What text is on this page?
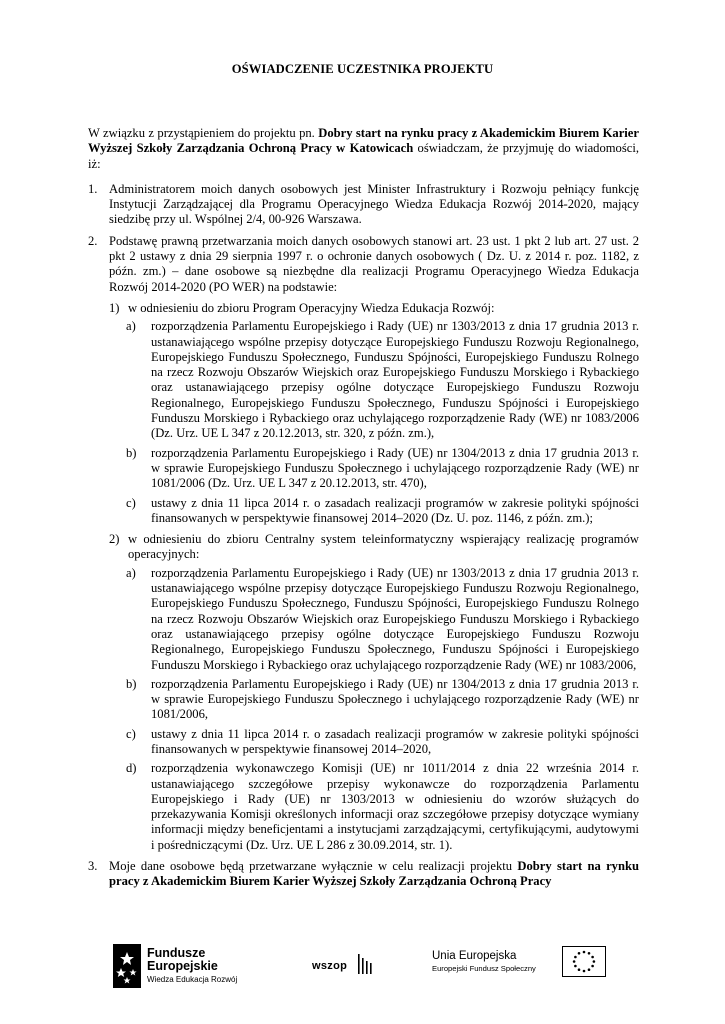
OŚWIADCZENIE UCZESTNIKA PROJEKTU

W związku z przystąpieniem do projektu pn. Dobry start na rynku pracy z Akademickim Biurem Karier Wyższej Szkoły Zarządzania Ochroną Pracy w Katowicach oświadczam, że przyjmuję do wiadomości, iż:

1. Administratorem moich danych osobowych jest Minister Infrastruktury i Rozwoju pełniący funkcję Instytucji Zarządzającej dla Programu Operacyjnego Wiedza Edukacja Rozwój 2014-2020, mający siedzibę przy ul. Wspólnej 2/4, 00-926 Warszawa.
2. Podstawę prawną przetwarzania moich danych osobowych stanowi art. 23 ust. 1 pkt 2 lub art. 27 ust. 2 pkt 2 ustawy z dnia 29 sierpnia 1997 r. o ochronie danych osobowych ( Dz. U. z 2014 r. poz. 1182, z późn. zm.) – dane osobowe są niezbędne dla realizacji Programu Operacyjnego Wiedza Edukacja Rozwój 2014-2020 (PO WER) na podstawie:
1) w odniesieniu do zbioru Program Operacyjny Wiedza Edukacja Rozwój:
a) rozporządzenia Parlamentu Europejskiego i Rady (UE) nr 1303/2013 z dnia 17 grudnia 2013 r. ustanawiającego wspólne przepisy dotyczące Europejskiego Funduszu Rozwoju Regionalnego, Europejskiego Funduszu Społecznego, Funduszu Spójności, Europejskiego Funduszu Rolnego na rzecz Rozwoju Obszarów Wiejskich oraz Europejskiego Funduszu Morskiego i Rybackiego oraz ustanawiającego przepisy ogólne dotyczące Europejskiego Funduszu Rozwoju Regionalnego, Europejskiego Funduszu Społecznego, Funduszu Spójności i Europejskiego Funduszu Morskiego i Rybackiego oraz uchylającego rozporządzenie Rady (WE) nr 1083/2006 (Dz. Urz. UE L 347 z 20.12.2013, str. 320, z późn. zm.),
b) rozporządzenia Parlamentu Europejskiego i Rady (UE) nr 1304/2013 z dnia 17 grudnia 2013 r. w sprawie Europejskiego Funduszu Społecznego i uchylającego rozporządzenie Rady (WE) nr 1081/2006 (Dz. Urz. UE L 347 z 20.12.2013, str. 470),
c) ustawy z dnia 11 lipca 2014 r. o zasadach realizacji programów w zakresie polityki spójności finansowanych w perspektywie finansowej 2014–2020 (Dz. U. poz. 1146, z późn. zm.);
2) w odniesieniu do zbioru Centralny system teleinformatyczny wspierający realizację programów operacyjnych:
a) rozporządzenia Parlamentu Europejskiego i Rady (UE) nr 1303/2013 z dnia 17 grudnia 2013 r. ustanawiającego wspólne przepisy dotyczące Europejskiego Funduszu Rozwoju Regionalnego, Europejskiego Funduszu Społecznego, Funduszu Spójności, Europejskiego Funduszu Rolnego na rzecz Rozwoju Obszarów Wiejskich oraz Europejskiego Funduszu Morskiego i Rybackiego oraz ustanawiającego przepisy ogólne dotyczące Europejskiego Funduszu Rozwoju Regionalnego, Europejskiego Funduszu Społecznego, Funduszu Spójności i Europejskiego Funduszu Morskiego i Rybackiego oraz uchylającego rozporządzenie Rady (WE) nr 1083/2006,
b) rozporządzenia Parlamentu Europejskiego i Rady (UE) nr 1304/2013 z dnia 17 grudnia 2013 r. w sprawie Europejskiego Funduszu Społecznego i uchylającego rozporządzenie Rady (WE) nr 1081/2006,
c) ustawy z dnia 11 lipca 2014 r. o zasadach realizacji programów w zakresie polityki spójności finansowanych w perspektywie finansowej 2014–2020,
d) rozporządzenia wykonawczego Komisji (UE) nr 1011/2014 z dnia 22 września 2014 r. ustanawiającego szczegółowe przepisy wykonawcze do rozporządzenia Parlamentu Europejskiego i Rady (UE) nr 1303/2013 w odniesieniu do wzorów służących do przekazywania Komisji określonych informacji oraz szczegółowe przepisy dotyczące wymiany informacji między beneficjentami a instytucjami zarządzającymi, certyfikującymi, audytowymi i pośredniczącymi (Dz. Urz. UE L 286 z 30.09.2014, str. 1).
3. Moje dane osobowe będą przetwarzane wyłącznie w celu realizacji projektu Dobry start na rynku pracy z Akademickim Biurem Karier Wyższej Szkoły Zarządzania Ochroną Pracy
Fundusze
Europejskie
Wiedza Edukacja Rozwój
wszop
Unia Europejska
Europejski Fundusz Społeczny
